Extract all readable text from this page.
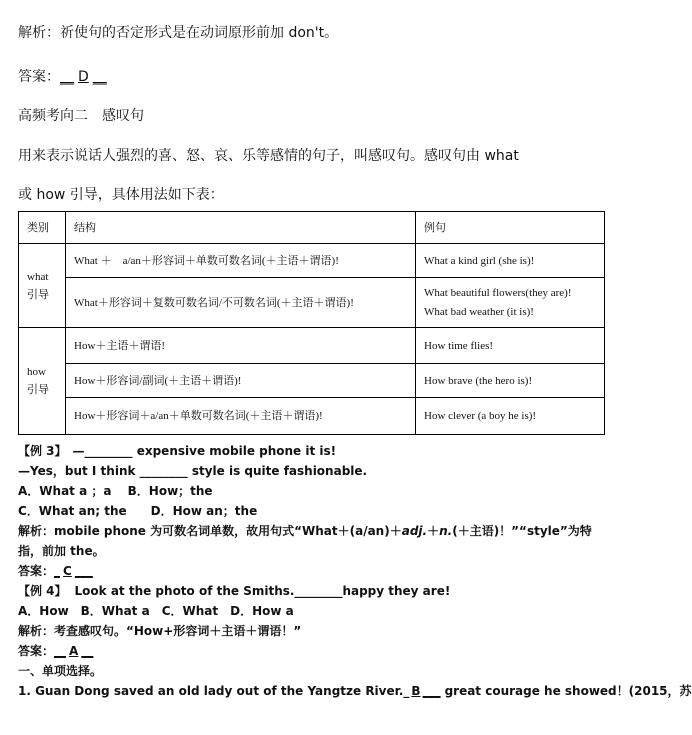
解析：祈使句的否定形式是在动词原形前加 don't。
答案：__ D __
高频考向二　感叹句
用来表示说话人强烈的喜、怒、哀、乐等感情的句子，叫感叹句。感叹句由 what
或 how 引导，具体用法如下表：
类别	结构	例句

what
引导	What ＋　a/an＋形容词＋单数可数名词(＋主语＋谓语)!	What a kind girl (she is)!
	What＋形容词＋复数可数名词/不可数名词(＋主语＋谓语)!	What beautiful flowers(they are)!
What bad weather (it is)!

how
引导	How＋主语＋谓语!	How time flies!
	How＋形容词/副词(＋主语＋谓语)!	How brave (the hero is)!
	How＋形容词＋a/an＋单数可数名词(＋主语＋谓语)!	How clever (a boy he is)!
【例 3】　—________ expensive mobile phone it is!
—Yes，but I think ________ style is quite fashionable.
A．What a ；a　 B．How；the
C．What an; the　　D．How an；the
解析：mobile phone 为可数名词单数，故用句式“What＋(a/an)＋adj.＋n.(＋主语)！”“style”为特
指，前加 the。
答案：_ C ___
【例 4】 Look at the photo of the Smiths.________happy they are!
A．How　B．What a　C．What　D．How a
解析：考查感叹句。“How+形容词＋主语＋谓语！”
答案：__ A __
一、单项选择。
1. Guan Dong saved an old lady out of the Yangtze River._ B ___ great courage he showed！(2015，苏
